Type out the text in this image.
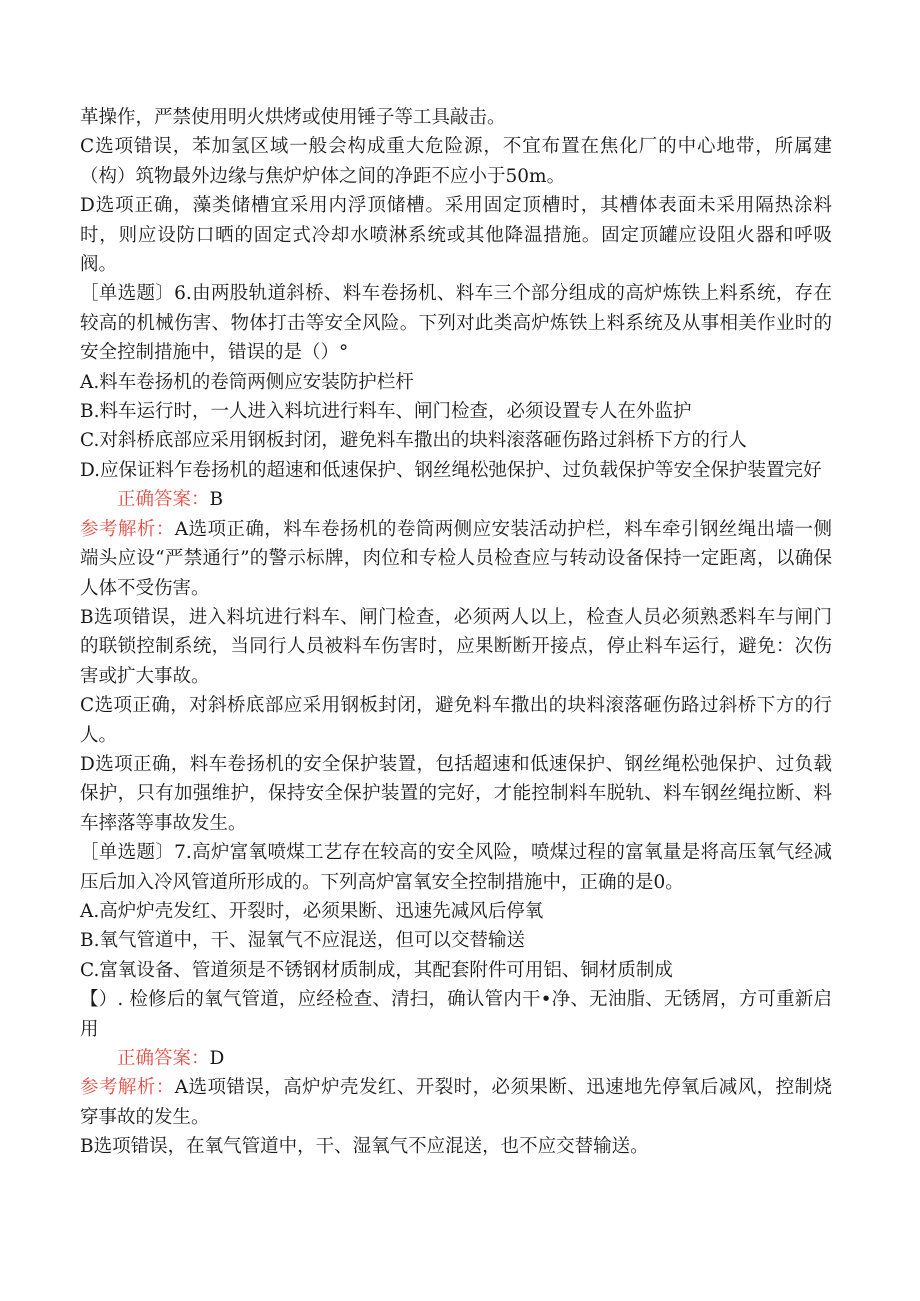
革操作，严禁使用明火烘烤或使用锤子等工具敲击。

C选项错误，苯加氢区域一般会构成重大危险源，不宜布置在焦化厂的中心地带，所属建（构）筑物最外边缘与焦炉炉体之间的净距不应小于50m。

D选项正确，藻类储槽宜采用内浮顶储槽。采用固定顶槽时，其槽体表面未采用隔热涂料时，则应设防口晒的固定式冷却水喷淋系统或其他降温措施。固定顶罐应设阻火器和呼吸阀。

［单选题〕6.由两股轨道斜桥、料车卷扬机、料车三个部分组成的高炉炼铁上料系统，存在较高的机械伤害、物体打击等安全风险。下列对此类高炉炼铁上料系统及从事相美作业时的安全控制措施中，错误的是（）°

A.料车卷扬机的卷筒两侧应安装防护栏杆

B.料车运行时，一人进入料坑进行料车、闸门检查，必须设置专人在外监护

C.对斜桥底部应采用钢板封闭，避免料车撒出的块料滚落砸伤路过斜桥下方的行人

D.应保证料乍卷扬机的超速和低速保护、钢丝绳松弛保护、过负载保护等安全保护装置完好

正确答案：B

参考解析：A选项正确，料车卷扬机的卷筒两侧应安装活动护栏，料车牵引钢丝绳出墙一侧端头应设“严禁通行”的警示标牌，肉位和专检人员检查应与转动设备保持一定距离，以确保人体不受伤害。

B选项错误，进入料坑进行料车、闸门检查，必须两人以上，检查人员必须熟悉料车与闸门的联锁控制系统，当同行人员被料车伤害时，应果断断开接点，停止料车运行，避免：次伤害或扩大事故。

C选项正确，对斜桥底部应采用钢板封闭，避免料车撒出的块料滚落砸伤路过斜桥下方的行人。

D选项正确，料车卷扬机的安全保护装置，包括超速和低速保护、钢丝绳松弛保护、过负载保护，只有加强维护，保持安全保护装置的完好，才能控制料车脱轨、料车钢丝绳拉断、料车摔落等事故发生。

［单选题〕7.高炉富氧喷煤工艺存在较高的安全风险，喷煤过程的富氧量是将高压氧气经减压后加入冷风管道所形成的。下列高炉富氧安全控制措施中，正确的是0。

A.高炉炉壳发红、开裂时，必须果断、迅速先减风后停氧

B.氧气管道中，干、湿氧气不应混送，但可以交替输送

C.富氧设备、管道须是不锈钢材质制成，其配套附件可用铝、铜材质制成

【）. 检修后的氧气管道，应经检查、清扫，确认管内干•净、无油脂、无锈屑，方可重新启用

正确答案：D

参考解析：A选项错误，高炉炉壳发红、开裂时，必须果断、迅速地先停氧后减风，控制烧穿事故的发生。

B选项错误，在氧气管道中，干、湿氧气不应混送，也不应交替输送。
